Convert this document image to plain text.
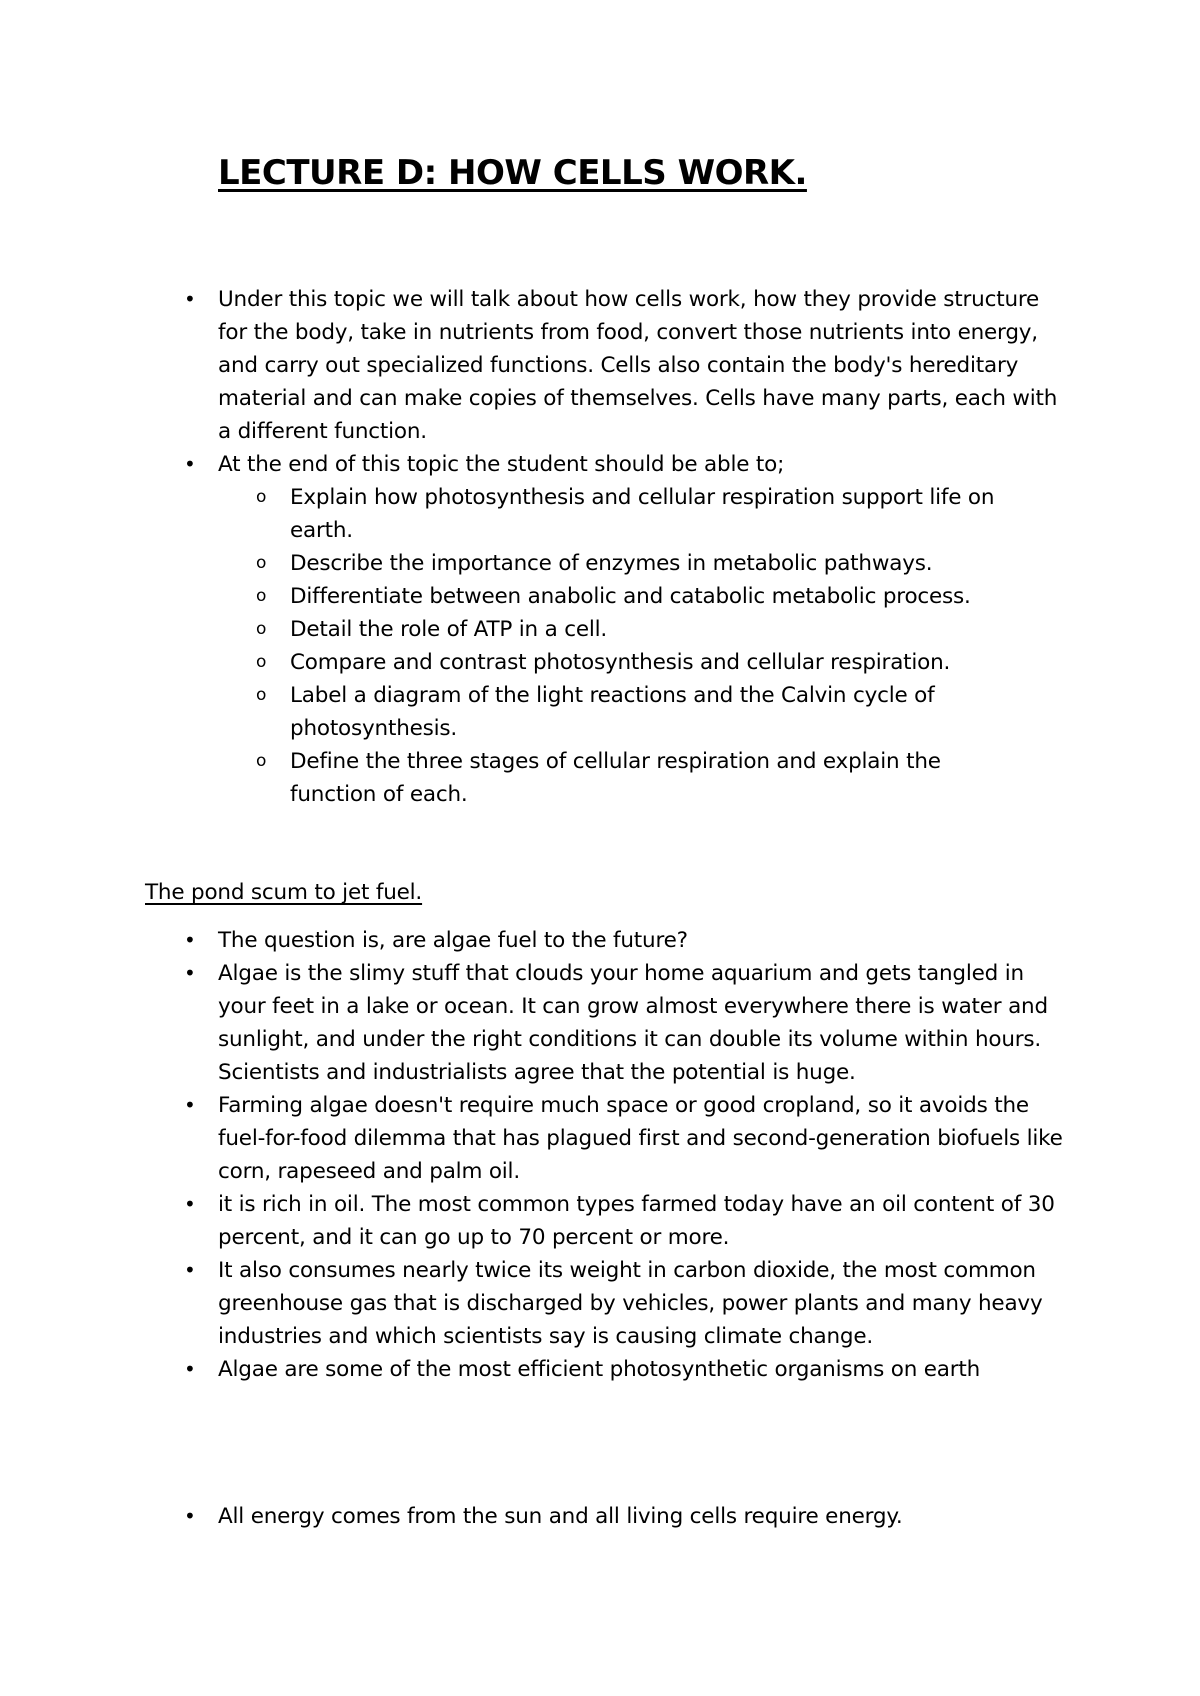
LECTURE D: HOW CELLS WORK.
•	Under this topic we will talk about how cells work, how they provide structure for the body, take in nutrients from food, convert those nutrients into energy, and carry out specialized functions. Cells also contain the body's hereditary material and can make copies of themselves. Cells have many parts, each with a different function.
•	At the end of this topic the student should be able to;
o	Explain how photosynthesis and cellular respiration support life on earth.
o	Describe the importance of enzymes in metabolic pathways.
o	Differentiate between anabolic and catabolic metabolic process.
o	Detail the role of ATP in a cell.
o	Compare and contrast photosynthesis and cellular respiration.
o	Label a diagram of the light reactions and the Calvin cycle of photosynthesis.
o	Define the three stages of cellular respiration and explain the function of each.
The pond scum to jet fuel.
•	The question is, are algae fuel to the future?
•	Algae is the slimy stuff that clouds your home aquarium and gets tangled in your feet in a lake or ocean. It can grow almost everywhere there is water and sunlight, and under the right conditions it can double its volume within hours. Scientists and industrialists agree that the potential is huge.
•	Farming algae doesn't require much space or good cropland, so it avoids the fuel-for-food dilemma that has plagued first and second-generation biofuels like corn, rapeseed and palm oil.
•	it is rich in oil. The most common types farmed today have an oil content of 30 percent, and it can go up to 70 percent or more.
•	It also consumes nearly twice its weight in carbon dioxide, the most common greenhouse gas that is discharged by vehicles, power plants and many heavy industries and which scientists say is causing climate change.
•	Algae are some of the most efficient photosynthetic organisms on earth
•	All energy comes from the sun and all living cells require energy.
